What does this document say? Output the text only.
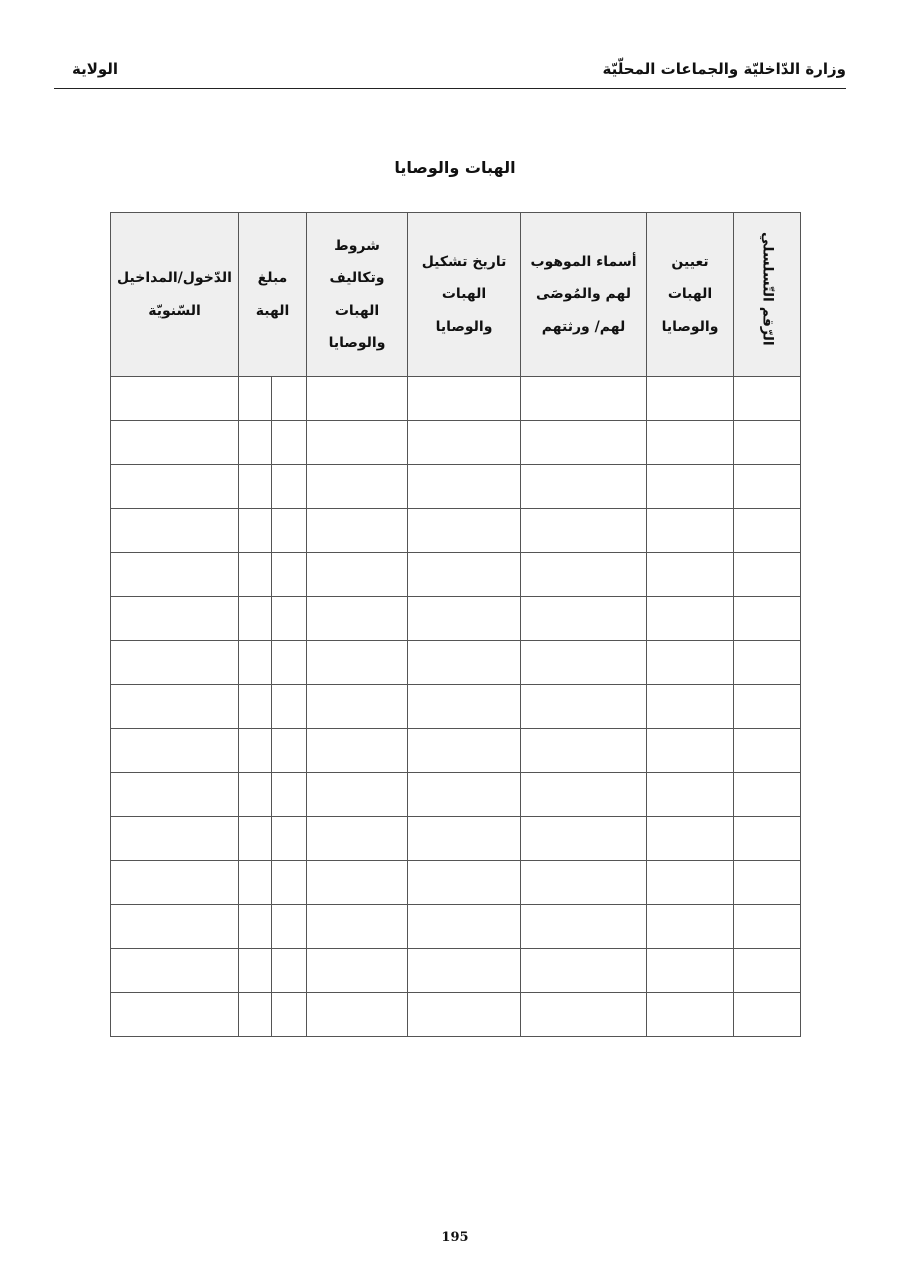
وزارة الدّاخليّة والجماعات المحلّيّة
الولاية
الهبات والوصايا
الدّخول/المداخيل السّنويّة	مبلغ الهبة		شروط وتكاليف الهبات والوصايا	تاريخ تشكيل الهبات والوصايا	أسماء الموهوب لهم والمُوصَى لهم/ ورثتهم	تعيين الهبات والوصايا	الرّقم التّسلسلي

195
